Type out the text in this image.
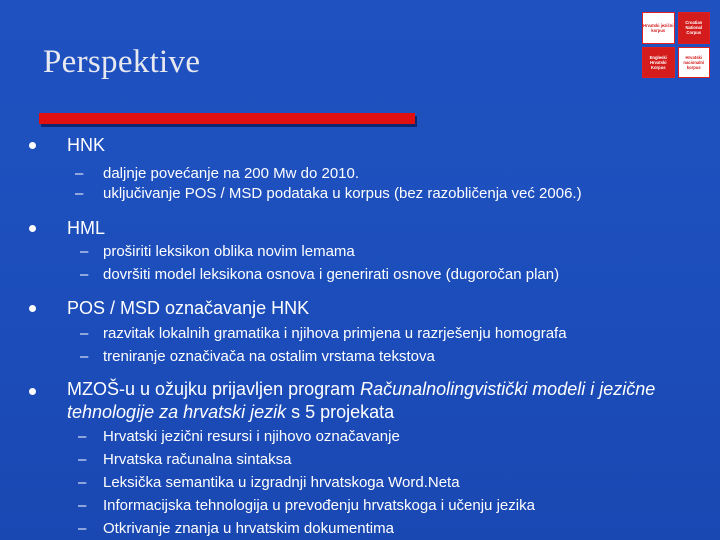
Perspektive
Hrvatski jezični korpus
Croatian National Corpus
Engleski Hrvatski Korpus
Hrvatski nacionalni korpus
HNK
– daljnje povećanje na 200 Mw do 2010.
– uključivanje POS / MSD podataka u korpus (bez razobličenja već 2006.)
HML
– proširiti leksikon oblika novim lemama
– dovršiti model leksikona osnova i generirati osnove (dugoročan plan)
POS / MSD označavanje HNK
– razvitak lokalnih gramatika i njihova primjena u razrješenju homografa
– treniranje označivača na ostalim vrstama tekstova
MZOŠ-u u ožujku prijavljen program Računalnolingvistički modeli i jezične tehnologije za hrvatski jezik s 5 projekata
– Hrvatski jezični resursi i njihovo označavanje
– Hrvatska računalna sintaksa
– Leksička semantika u izgradnji hrvatskoga Word.Neta
– Informacijska tehnologija u prevođenju hrvatskoga i učenju jezika
– Otkrivanje znanja u hrvatskim dokumentima
